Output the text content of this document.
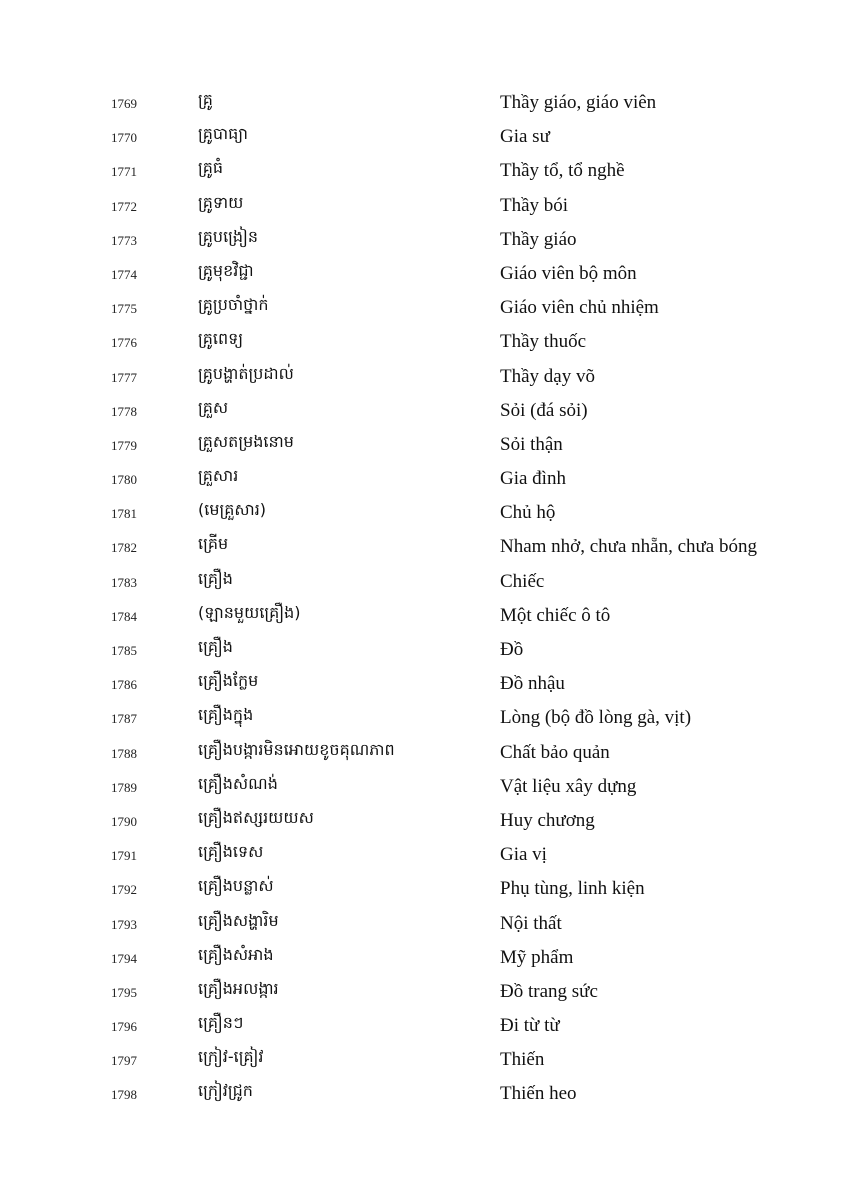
1769	គ្រូ	Thầy giáo, giáo viên
1770	គ្រូបាធ្យា	Gia sư
1771	គ្រូធំ	Thầy tổ, tổ nghề
1772	គ្រូទាយ	Thầy bói
1773	គ្រូបង្រៀន	Thầy giáo
1774	គ្រូមុខវិជ្ជា	Giáo viên bộ môn
1775	គ្រូប្រចាំថ្នាក់	Giáo viên chủ nhiệm
1776	គ្រូពេទ្យ	Thầy thuốc
1777	គ្រូបង្ហាត់ប្រដាល់	Thầy dạy võ
1778	គ្រួស	Sỏi (đá sỏi)
1779	គ្រួសតម្រងនោម	Sỏi thận
1780	គ្រួសារ	Gia đình
1781	(មេគ្រួសារ)	Chủ hộ
1782	គ្រើម	Nham nhở, chưa nhẵn, chưa bóng
1783	គ្រឿង	Chiếc
1784	(ឡានមួយគ្រឿង)	Một chiếc ô tô
1785	គ្រឿង	Đồ
1786	គ្រឿងក្លែម	Đồ nhậu
1787	គ្រឿងក្នុង	Lòng (bộ đồ lòng gà, vịt)
1788	គ្រឿងបង្ការមិនអោយខូចគុណភាព	Chất bảo quản
1789	គ្រឿងសំណង់	Vật liệu xây dựng
1790	គ្រឿងឥស្សរយយស	Huy chương
1791	គ្រឿងទេស	Gia vị
1792	គ្រឿងបន្លាស់	Phụ tùng, linh kiện
1793	គ្រឿងសង្ហារិម	Nội thất
1794	គ្រឿងសំអាង	Mỹ phẩm
1795	គ្រឿងអលង្ការ	Đồ trang sức
1796	គ្រឿនៗ	Đi từ từ
1797	ក្រៀវ-គ្រៀវ	Thiến
1798	ក្រៀវជ្រូក	Thiến heo
